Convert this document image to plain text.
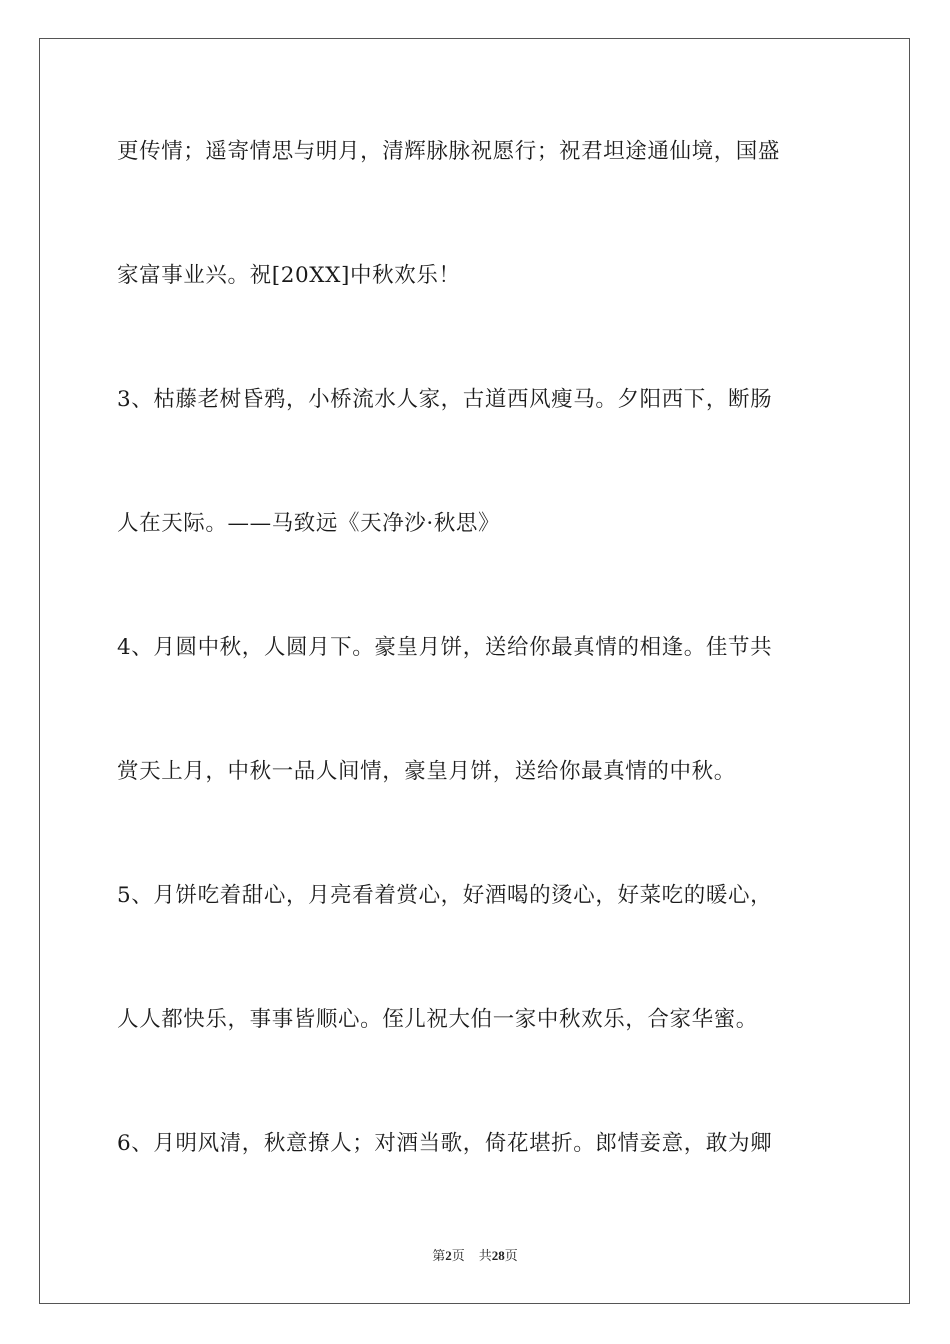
更传情；遥寄情思与明月，清辉脉脉祝愿行；祝君坦途通仙境，国盛
家富事业兴。祝[20XX]中秋欢乐！
3、枯藤老树昏鸦，小桥流水人家，古道西风瘦马。夕阳西下，断肠
人在天际。——马致远《天净沙·秋思》
4、月圆中秋，人圆月下。豪皇月饼，送给你最真情的相逢。佳节共
赏天上月，中秋一品人间情，豪皇月饼，送给你最真情的中秋。
5、月饼吃着甜心，月亮看着赏心，好酒喝的烫心，好菜吃的暖心，
人人都快乐，事事皆顺心。侄儿祝大伯一家中秋欢乐，合家华蜜。
6、月明风清，秋意撩人；对酒当歌，倚花堪折。郎情妾意，敢为卿
第2页 共28页
